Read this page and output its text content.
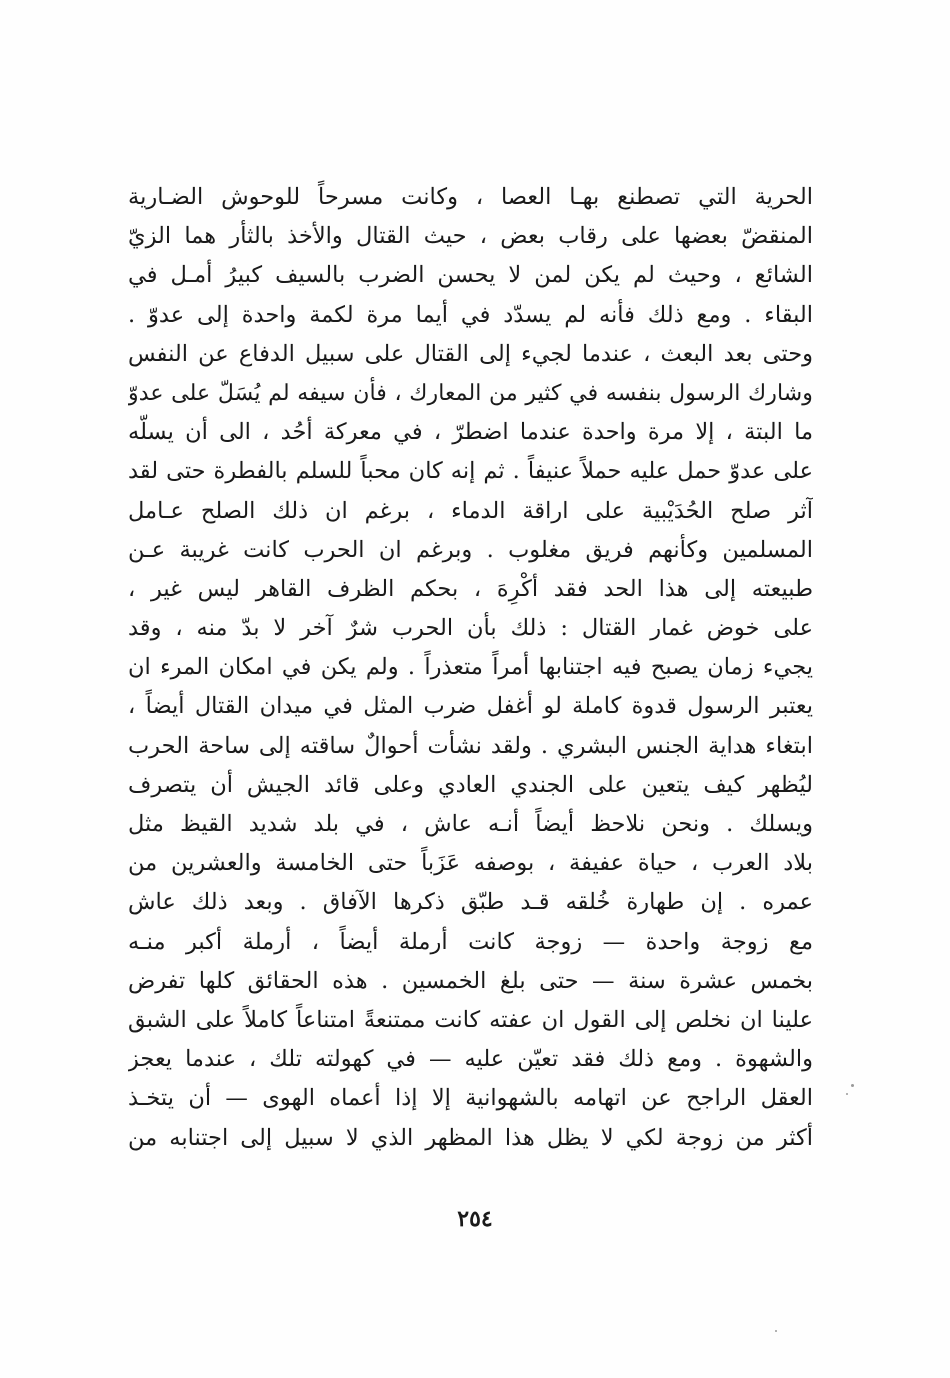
الحرية التي تصطنع بهـا العصا ، وكانت مسرحاً للوحوش الضـارية
المنقضّ بعضها على رقاب بعض ، حيث القتال والأخذ بالثأر هما الزيّ
الشائع ، وحيث لم يكن لمن لا يحسن الضرب بالسيف كبيرُ أمـل في
البقاء . ومع ذلك فأنه لم يسدّد في أيما مرة لكمة واحدة إلى عدوّ .
وحتى بعد البعث ، عندما لجيء إلى القتال على سبيل الدفاع عن النفس
وشارك الرسول بنفسه في كثير من المعارك ، فأن سيفه لم يُسَلّ على عدوّ
ما البتة ، إلا مرة واحدة عندما اضطرّ ، في معركة أحُد ، الى أن يسلّه
على عدوّ حمل عليه حملاً عنيفاً . ثم إنه كان محباً للسلم بالفطرة حتى لقد
آثر صلح الحُدَيْبية على اراقة الدماء ، برغم ان ذلك الصلح عـامل
المسلمين وكأنهم فريق مغلوب . وبرغم ان الحرب كانت غريبة عـن
طبيعته إلى هذا الحد فقد أكْرِهَ ، بحكم الظرف القاهر ليس غير ،
على خوض غمار القتال : ذلك بأن الحرب شرٌ آخر لا بدّ منه ، وقد
يجيء زمان يصبح فيه اجتنابها أمراً متعذراً . ولم يكن في امكان المرء ان
يعتبر الرسول قدوة كاملة لو أغفل ضرب المثل في ميدان القتال أيضاً ،
ابتغاء هداية الجنس البشري . ولقد نشأت أحوالٌ ساقته إلى ساحة الحرب
ليُظهر كيف يتعين على الجندي العادي وعلى قائد الجيش أن يتصرف
ويسلك . ونحن نلاحظ أيضاً أنـه عاش ، في بلد شديد القيظ مثل
بلاد العرب ، حياة عفيفة ، بوصفه عَزَباً حتى الخامسة والعشرين من
عمره . إن طهارة خُلقه قـد طبّق ذكرها الآفاق . وبعد ذلك عاش
مع زوجة واحدة — زوجة كانت أرملة أيضاً ، أرملة أكبر منـه
بخمس عشرة سنة — حتى بلغ الخمسين . هذه الحقائق كلها تفرض
علينا ان نخلص إلى القول ان عفته كانت ممتنعةً امتناعاً كاملاً على الشبق
والشهوة . ومع ذلك فقد تعيّن عليه — في كهولته تلك ، عندما يعجز
العقل الراجح عن اتهامه بالشهوانية إلا إذا أعماه الهوى — أن يتخـذ
أكثر من زوجة لكي لا يظل هذا المظهر الذي لا سبيل إلى اجتنابه من
٢٥٤
